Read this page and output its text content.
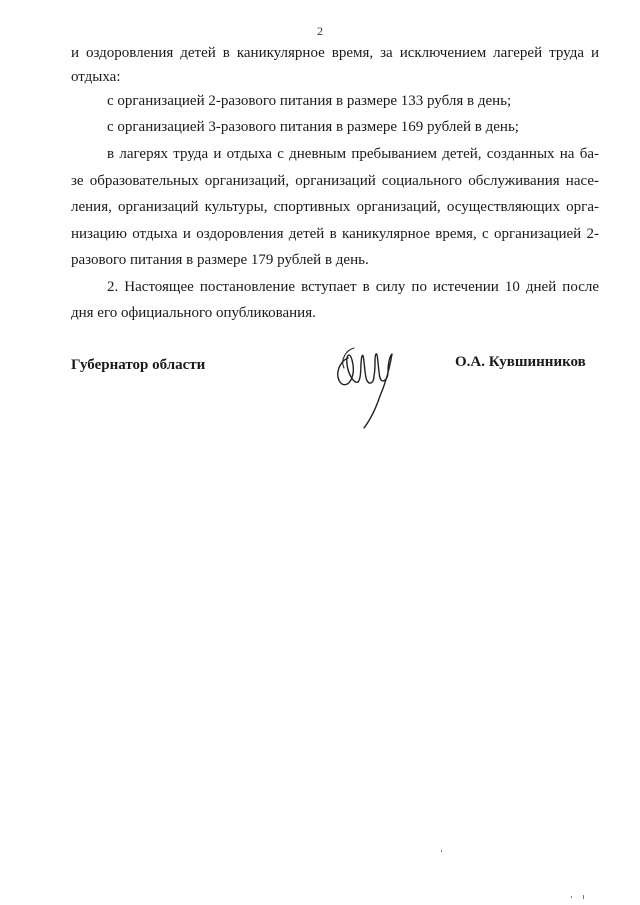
2
и оздоровления детей в каникулярное время, за исключением лагерей труда и
отдыха:
с организацией 2-разового питания в размере 133 рубля в день;
с организацией 3-разового питания в размере 169 рублей в день;
в лагерях труда и отдыха с дневным пребыванием детей, созданных на ба-
зе образовательных организаций, организаций социального обслуживания насе-
ления, организаций культуры, спортивных организаций, осуществляющих орга-
низацию отдыха и оздоровления детей в каникулярное время, с организацией 2-
разового питания в размере 179 рублей в день.
2. Настоящее постановление вступает в силу по истечении 10 дней после
дня его официального опубликования.
Губернатор области	О.А. Кувшинников
